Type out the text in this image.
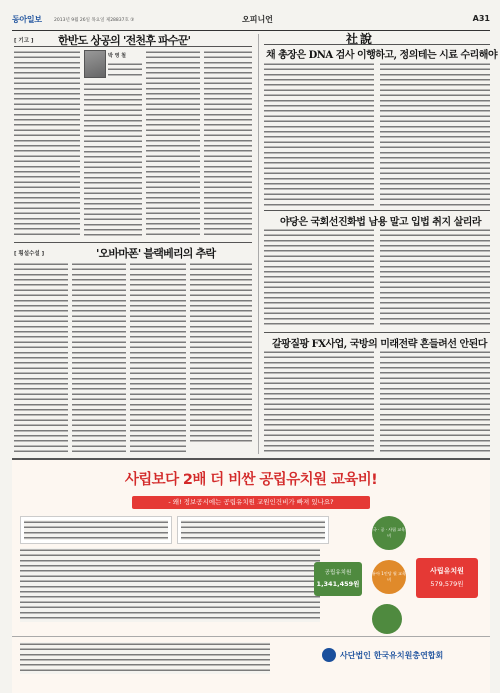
동아일보	2013년 9월 26일 목요일 제28837호 ③	오피니언	A31
[ 기고 ] 한반도 상공의 '전천후 파수꾼'
박 영 철
[ 횡설수설 ]	'오바마폰' 블랙베리의 추락
社說
채 총장은 DNA 검사 이행하고, 정의테는 시료 수리해야
야당은 국회선진화법 남용 말고 입법 취지 살리라
갈팡질팡 FX사업, 국방의 미래전략 흔들려선 안된다
사립보다 2배 더 비싼 공립유치원 교육비!
- 왜! 정보공시에는 공립유치원 교원인건비가 빠져 있나요?
국 · 공 · 사립 교육비
유아 1인당 월 교육비
공립유치원
1,341,459원
사립유치원
579,579원
사단법인 한국유치원총연합회
